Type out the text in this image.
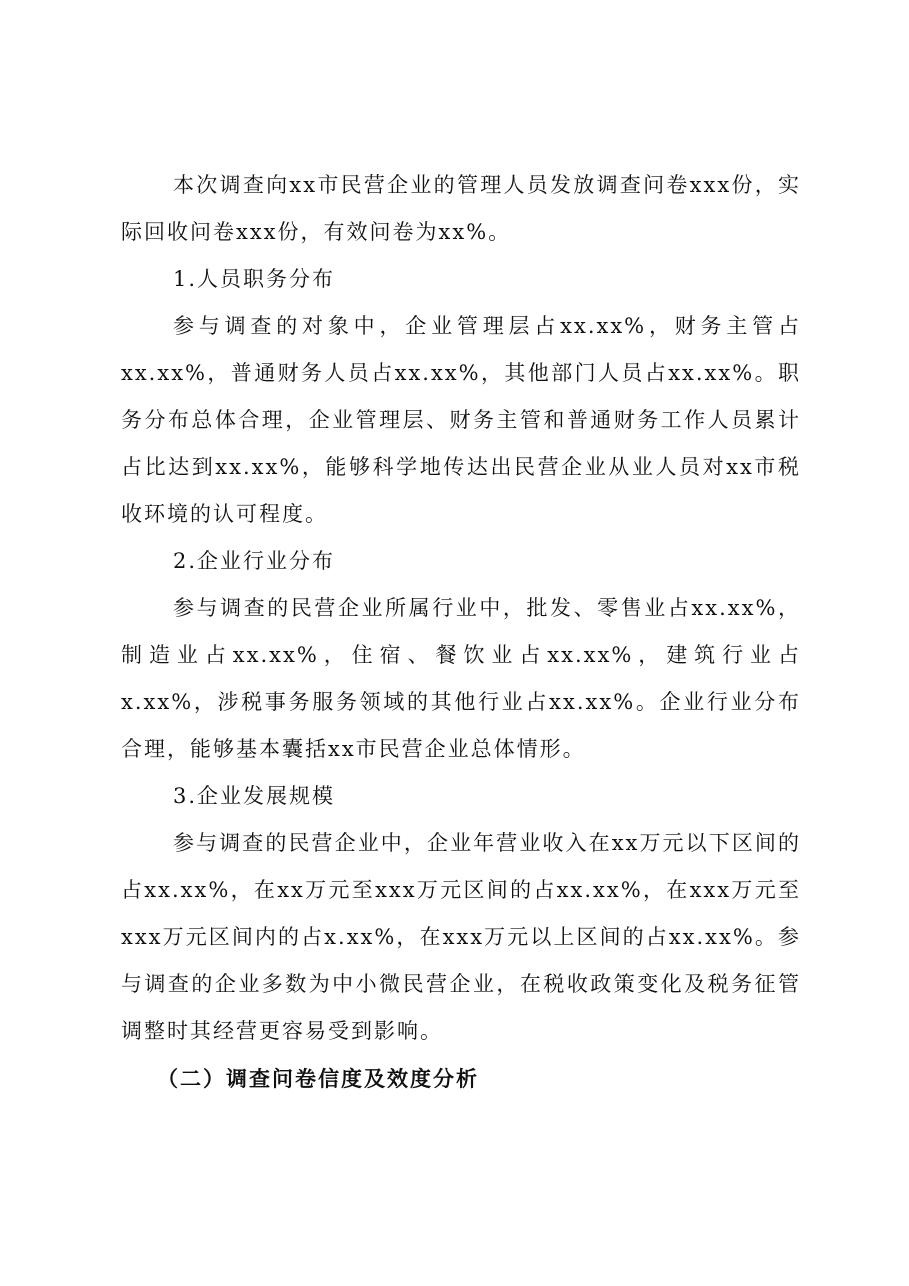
本次调查向xx市民营企业的管理人员发放调查问卷xxx份，实际回收问卷xxx份，有效问卷为xx%。

1.人员职务分布

参与调查的对象中，企业管理层占xx.xx%，财务主管占xx.xx%，普通财务人员占xx.xx%，其他部门人员占xx.xx%。职务分布总体合理，企业管理层、财务主管和普通财务工作人员累计占比达到xx.xx%，能够科学地传达出民营企业从业人员对xx市税收环境的认可程度。

2.企业行业分布

参与调查的民营企业所属行业中，批发、零售业占xx.xx%，制造业占xx.xx%，住宿、餐饮业占xx.xx%，建筑行业占x.xx%，涉税事务服务领域的其他行业占xx.xx%。企业行业分布合理，能够基本囊括xx市民营企业总体情形。

3.企业发展规模

参与调查的民营企业中，企业年营业收入在xx万元以下区间的占xx.xx%，在xx万元至xxx万元区间的占xx.xx%，在xxx万元至xxx万元区间内的占x.xx%，在xxx万元以上区间的占xx.xx%。参与调查的企业多数为中小微民营企业，在税收政策变化及税务征管调整时其经营更容易受到影响。

（二）调查问卷信度及效度分析
